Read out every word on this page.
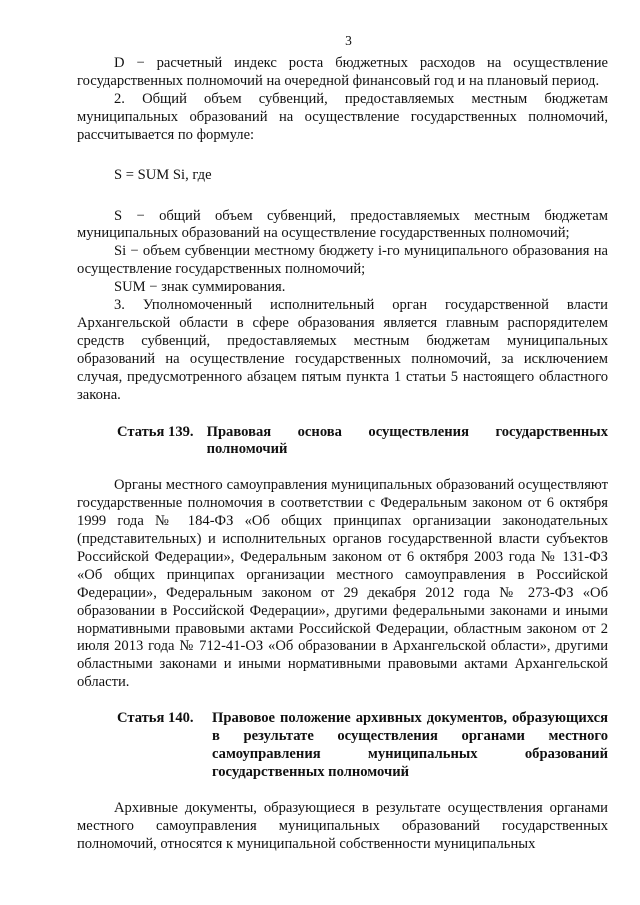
3

D − расчетный индекс роста бюджетных расходов на осуществление государственных полномочий на очередной финансовый год и на плановый период.

2. Общий объем субвенций, предоставляемых местным бюджетам муниципальных образований на осуществление государственных полномочий, рассчитывается по формуле:

S = SUM Si, где

S − общий объем субвенций, предоставляемых местным бюджетам муниципальных образований на осуществление государственных полномочий;

Si − объем субвенции местному бюджету i-го муниципального образования на осуществление государственных полномочий;

SUM − знак суммирования.

3. Уполномоченный исполнительный орган государственной власти Архангельской области в сфере образования является главным распорядителем средств субвенций, предоставляемых местным бюджетам муниципальных образований на осуществление государственных полномочий, за исключением случая, предусмотренного абзацем пятым пункта 1 статьи 5 настоящего областного закона.

Статья 139. Правовая основа осуществления государственных полномочий

Органы местного самоуправления муниципальных образований осуществляют государственные полномочия в соответствии с Федеральным законом от 6 октября 1999 года № 184-ФЗ «Об общих принципах организации законодательных (представительных) и исполнительных органов государственной власти субъектов Российской Федерации», Федеральным законом от 6 октября 2003 года № 131-ФЗ «Об общих принципах организации местного самоуправления в Российской Федерации», Федеральным законом от 29 декабря 2012 года № 273-ФЗ «Об образовании в Российской Федерации», другими федеральными законами и иными нормативными правовыми актами Российской Федерации, областным законом от 2 июля 2013 года № 712-41-ОЗ «Об образовании в Архангельской области», другими областными законами и иными нормативными правовыми актами Архангельской области.

Статья 140.	Правовое положение архивных документов, образующихся в результате осуществления органами местного самоуправления муниципальных образований государственных полномочий

Архивные документы, образующиеся в результате осуществления органами местного самоуправления муниципальных образований государственных полномочий, относятся к муниципальной собственности муниципальных
